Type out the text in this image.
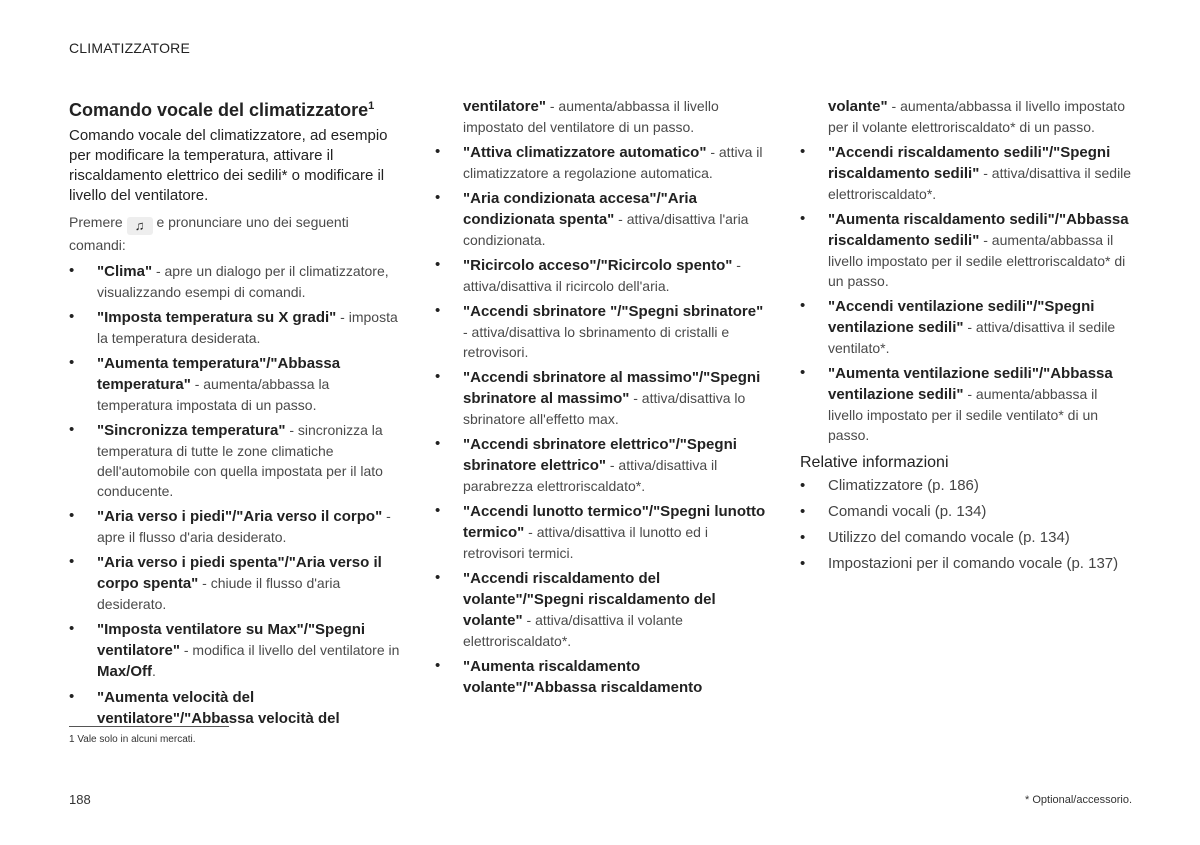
CLIMATIZZATORE
Comando vocale del climatizzatore$^1$

Comando vocale del climatizzatore, ad esempio per modificare la temperatura, attivare il riscaldamento elettrico dei sedili* o modificare il livello del ventilatore.

Premere ♫ e pronunciare uno dei seguenti comandi:

• "Clima" - apre un dialogo per il climatizzatore, visualizzando esempi di comandi.
• "Imposta temperatura su X gradi" - imposta la temperatura desiderata.
• "Aumenta temperatura"/"Abbassa temperatura" - aumenta/abbassa la temperatura impostata di un passo.
• "Sincronizza temperatura" - sincronizza la temperatura di tutte le zone climatiche dell'automobile con quella impostata per il lato conducente.
• "Aria verso i piedi"/"Aria verso il corpo" - apre il flusso d'aria desiderato.
• "Aria verso i piedi spenta"/"Aria verso il corpo spenta" - chiude il flusso d'aria desiderato.
• "Imposta ventilatore su Max"/"Spegni ventilatore" - modifica il livello del ventilatore in Max/Off.
• "Aumenta velocità del ventilatore"/"Abbassa velocità del
ventilatore" - aumenta/abbassa il livello impostato del ventilatore di un passo.
• "Attiva climatizzatore automatico" - attiva il climatizzatore a regolazione automatica.
• "Aria condizionata accesa"/"Aria condizionata spenta" - attiva/disattiva l'aria condizionata.
• "Ricircolo acceso"/"Ricircolo spento" - attiva/disattiva il ricircolo dell'aria.
• "Accendi sbrinatore "/"Spegni sbrinatore" - attiva/disattiva lo sbrinamento di cristalli e retrovisori.
• "Accendi sbrinatore al massimo"/"Spegni sbrinatore al massimo" - attiva/disattiva lo sbrinatore all'effetto max.
• "Accendi sbrinatore elettrico"/"Spegni sbrinatore elettrico" - attiva/disattiva il parabrezza elettroriscaldato*.
• "Accendi lunotto termico"/"Spegni lunotto termico" - attiva/disattiva il lunotto ed i retrovisori termici.
• "Accendi riscaldamento del volante"/"Spegni riscaldamento del volante" - attiva/disattiva il volante elettroriscaldato*.
• "Aumenta riscaldamento volante"/"Abbassa riscaldamento
volante" - aumenta/abbassa il livello impostato per il volante elettroriscaldato* di un passo.
• "Accendi riscaldamento sedili"/"Spegni riscaldamento sedili" - attiva/disattiva il sedile elettroriscaldato*.
• "Aumenta riscaldamento sedili"/"Abbassa riscaldamento sedili" - aumenta/abbassa il livello impostato per il sedile elettroriscaldato* di un passo.
• "Accendi ventilazione sedili"/"Spegni ventilazione sedili" - attiva/disattiva il sedile ventilato*.
• "Aumenta ventilazione sedili"/"Abbassa ventilazione sedili" - aumenta/abbassa il livello impostato per il sedile ventilato* di un passo.
Relative informazioni
• Climatizzatore (p. 186)
• Comandi vocali (p. 134)
• Utilizzo del comando vocale (p. 134)
• Impostazioni per il comando vocale (p. 137)
1 Vale solo in alcuni mercati.
188	* Optional/accessorio.
